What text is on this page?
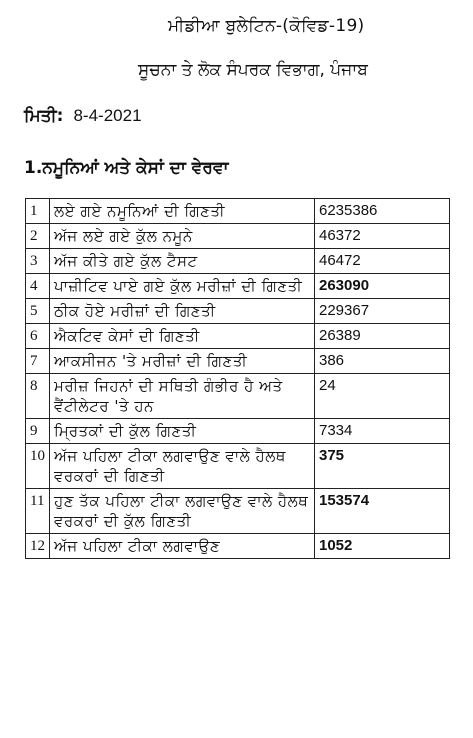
ਮੀਡੀਆ ਬੁਲੇਟਿਨ-(ਕੋਵਿਡ-19)
ਸੂਚਨਾ ਤੇ ਲੋਕ ਸੰਪਰਕ ਵਿਭਾਗ, ਪੰਜਾਬ
ਮਿਤੀ: 8-4-2021
1.ਨਮੂਨਿਆਂ ਅਤੇ ਕੇਸਾਂ ਦਾ ਵੇਰਵਾ
1	ਲਏ ਗਏ ਨਮੂਨਿਆਂ ਦੀ ਗਿਣਤੀ	6235386
2	ਅੱਜ ਲਏ ਗਏ ਕੁੱਲ ਨਮੂਨੇ	46372
3	ਅੱਜ ਕੀਤੇ ਗਏ ਕੁੱਲ ਟੈਸਟ	46472
4	ਪਾਜ਼ੀਟਿਵ ਪਾਏ ਗਏ ਕੁੱਲ ਮਰੀਜ਼ਾਂ ਦੀ ਗਿਣਤੀ	263090
5	ਠੀਕ ਹੋਏ ਮਰੀਜ਼ਾਂ ਦੀ ਗਿਣਤੀ	229367
6	ਐਕਟਿਵ ਕੇਸਾਂ ਦੀ ਗਿਣਤੀ	26389
7	ਆਕਸੀਜਨ 'ਤੇ ਮਰੀਜ਼ਾਂ ਦੀ ਗਿਣਤੀ	386
8	ਮਰੀਜ਼ ਜਿਹਨਾਂ ਦੀ ਸਥਿਤੀ ਗੰਭੀਰ ਹੈ ਅਤੇ ਵੈਂਟੀਲੇਟਰ 'ਤੇ ਹਨ	24
9	ਮ੍ਰਿਤਕਾਂ ਦੀ ਕੁੱਲ ਗਿਣਤੀ	7334
10	ਅੱਜ ਪਹਿਲਾ ਟੀਕਾ ਲਗਵਾਉਣ ਵਾਲੇ ਹੈਲਥ ਵਰਕਰਾਂ ਦੀ ਗਿਣਤੀ	375
11	ਹੁਣ ਤੱਕ ਪਹਿਲਾ ਟੀਕਾ ਲਗਵਾਉਣ ਵਾਲੇ ਹੈਲਥ ਵਰਕਰਾਂ ਦੀ ਕੁੱਲ ਗਿਣਤੀ	153574
12	ਅੱਜ ਪਹਿਲਾ ਟੀਕਾ ਲਗਵਾਉਣ	1052
